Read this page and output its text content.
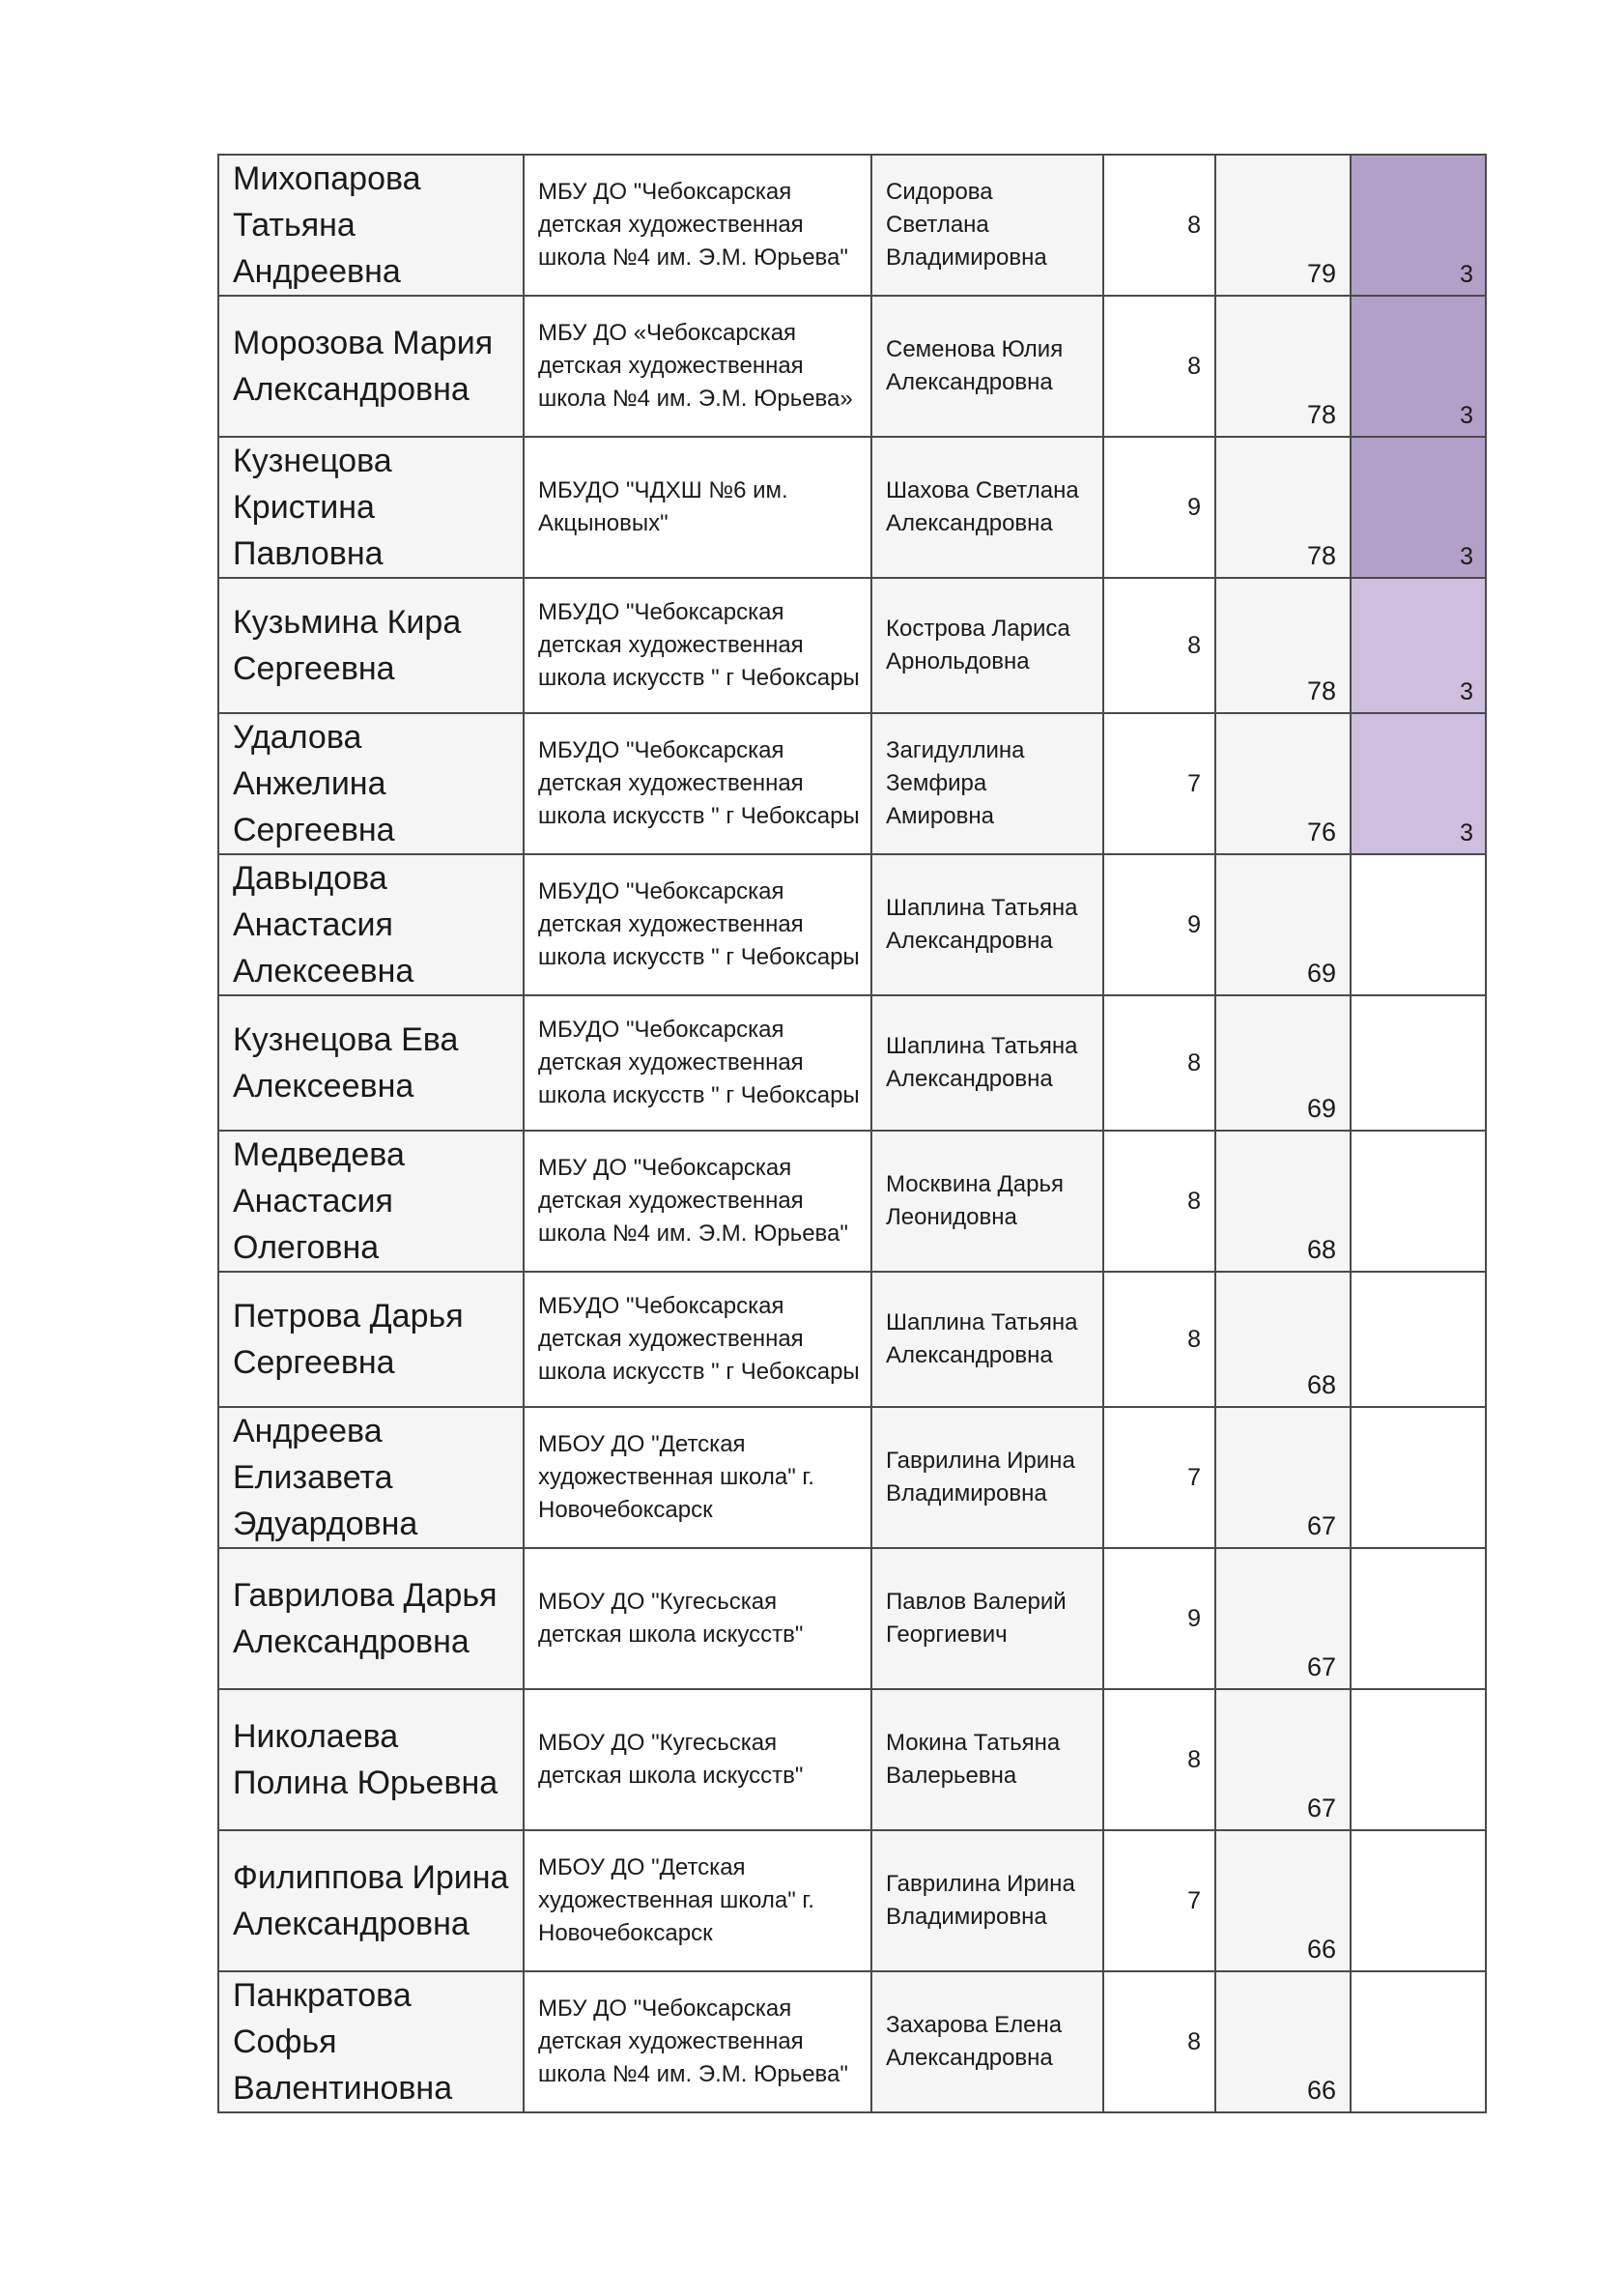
Михопарова Татьяна Андреевна	МБУ ДО "Чебоксарская детская художественная школа №4 им. Э.М. Юрьева"	Сидорова Светлана Владимировна	8	79	3

Морозова Мария Александровна	МБУ ДО «Чебоксарская детская художественная школа №4 им. Э.М. Юрьева»	Семенова Юлия Александровна	8	78	3

Кузнецова Кристина Павловна	МБУДО "ЧДХШ №6 им. Акцыновых"	Шахова Светлана Александровна	9	78	3

Кузьмина Кира Сергеевна	МБУДО "Чебоксарская детская художественная школа искусств " г Чебоксары	Кострова Лариса Арнольдовна	8	78	3

Удалова Анжелина Сергеевна	МБУДО "Чебоксарская детская художественная школа искусств " г Чебоксары	Загидуллина Земфира Амировна	7	76	3

Давыдова Анастасия Алексеевна	МБУДО "Чебоксарская детская художественная школа искусств " г Чебоксары	Шаплина Татьяна Александровна	9	69	

Кузнецова Ева Алексеевна	МБУДО "Чебоксарская детская художественная школа искусств " г Чебоксары	Шаплина Татьяна Александровна	8	69	

Медведева Анастасия Олеговна	МБУ ДО "Чебоксарская детская художественная школа №4 им. Э.М. Юрьева"	Москвина Дарья Леонидовна	8	68	

Петрова Дарья Сергеевна	МБУДО "Чебоксарская детская художественная школа искусств " г Чебоксары	Шаплина Татьяна Александровна	8	68	

Андреева Елизавета Эдуардовна	МБОУ ДО "Детская художественная школа" г. Новочебоксарск	Гаврилина Ирина Владимировна	7	67	

Гаврилова Дарья Александровна	МБОУ ДО "Кугесьская детская школа искусств"	Павлов Валерий Георгиевич	9	67	

Николаева Полина Юрьевна	МБОУ ДО "Кугесьская детская школа искусств"	Мокина Татьяна Валерьевна	8	67	

Филиппова Ирина Александровна	МБОУ ДО "Детская художественная школа" г. Новочебоксарск	Гаврилина Ирина Владимировна	7	66	

Панкратова Софья Валентиновна	МБУ ДО "Чебоксарская детская художественная школа №4 им. Э.М. Юрьева"	Захарова Елена Александровна	8	66	
